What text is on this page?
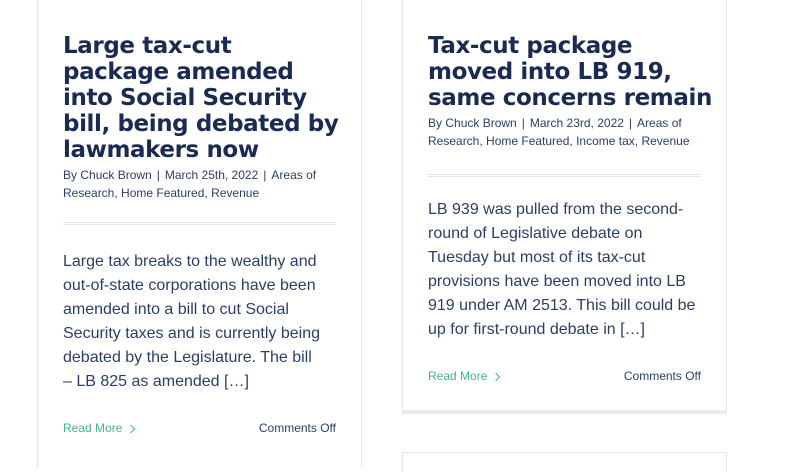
Large tax-cut package amended into Social Security bill, being debated by lawmakers now
By Chuck Brown | March 25th, 2022 | Areas of Research, Home Featured, Revenue

Large tax breaks to the wealthy and out-of-state corporations have been amended into a bill to cut Social Security taxes and is currently being debated by the Legislature. The bill – LB 825 as amended […]

Read More	Comments Off
Tax-cut package moved into LB 919, same concerns remain
By Chuck Brown | March 23rd, 2022 | Areas of Research, Home Featured, Income tax, Revenue

LB 939 was pulled from the second-round of Legislative debate on Tuesday but most of its tax-cut provisions have been moved into LB 919 under AM 2513. This bill could be up for first-round debate in […]

Read More	Comments Off
